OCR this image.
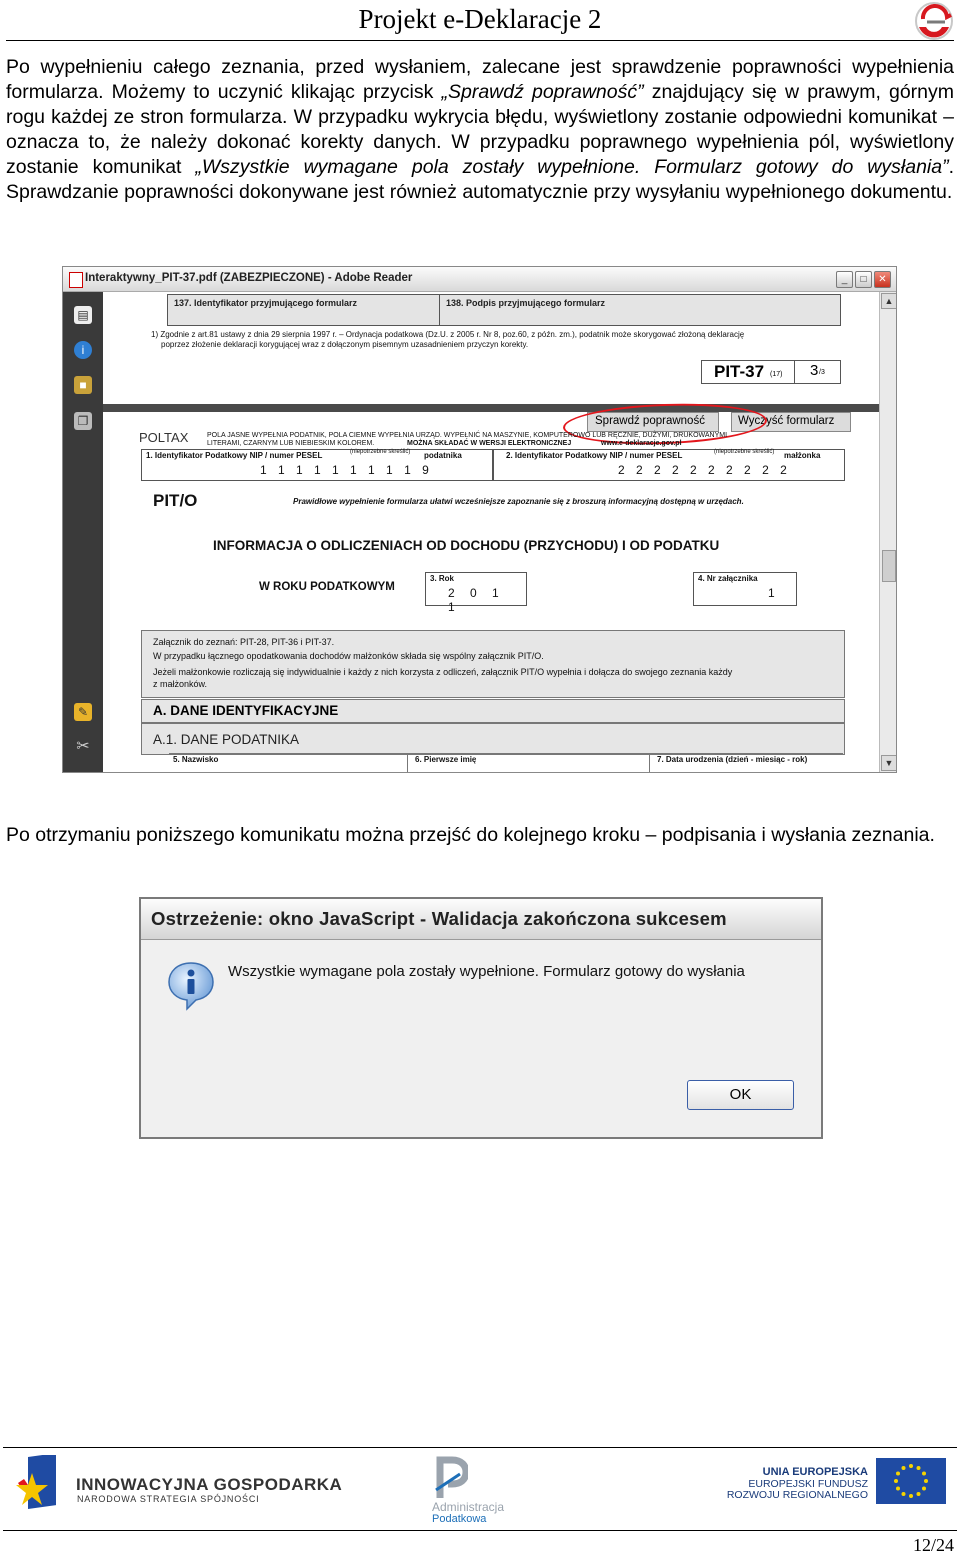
Projekt e-Deklaracje 2
Po wypełnieniu całego zeznania, przed wysłaniem, zalecane jest sprawdzenie poprawności wypełnienia formularza. Możemy to uczynić klikając przycisk „Sprawdź poprawność” znajdujący się w prawym, górnym rogu każdej ze stron formularza. W przypadku wykrycia błędu, wyświetlony zostanie odpowiedni komunikat – oznacza to, że należy dokonać korekty danych. W przypadku poprawnego wypełnienia pól, wyświetlony zostanie komunikat „Wszystkie wymagane pola zostały wypełnione. Formularz gotowy do wysłania”. Sprawdzanie poprawności dokonywane jest również automatycznie przy wysyłaniu wypełnionego dokumentu.
Interaktywny_PIT-37.pdf (ZABEZPIECZONE) - Adobe Reader	_	□	✕
▤
i
■
❐
✎
✂
137. Identyfikator przyjmującego formularz	138. Podpis przyjmującego formularz
1) Zgodnie z art.81 ustawy z dnia 29 sierpnia 1997 r. – Ordynacja podatkowa (Dz.U. z 2005 r. Nr 8, poz.60, z późn. zm.), podatnik może skorygować złożoną deklarację
poprzez złożenie deklaracji korygującej wraz z dołączonym pisemnym uzasadnieniem przyczyn korekty.
PIT-37 (17) 3 /3
Sprawdź poprawność	Wyczyść formularz
POLTAX	POLA JASNE WYPEŁNIA PODATNIK, POLA CIEMNE WYPEŁNIA URZĄD. WYPEŁNIĆ NA MASZYNIE, KOMPUTEROWO LUB RĘCZNIE, DUŻYMI, DRUKOWANYMI
LITERAMI, CZARNYM LUB NIEBIESKIM KOLOREM.	MOŻNA SKŁADAĆ W WERSJI ELEKTRONICZNEJ	www.e-deklaracje.gov.pl
1. Identyfikator Podatkowy NIP / numer PESEL	(niepotrzebne skreślić) podatnika
1 1 1 1 1 1 1 1 1 9
2. Identyfikator Podatkowy NIP / numer PESEL	(niepotrzebne skreślić) małżonka
2 2 2 2 2 2 2 2 2 2
PIT/O	Prawidłowe wypełnienie formularza ułatwi wcześniejsze zapoznanie się z broszurą informacyjną dostępną w urzędach.
INFORMACJA O ODLICZENIACH OD DOCHODU (PRZYCHODU) I OD PODATKU
W ROKU PODATKOWYM
3. Rok
2 0 1 1
4. Nr załącznika
1
Załącznik do zeznań: PIT-28, PIT-36 i PIT-37.
W przypadku łącznego opodatkowania dochodów małżonków składa się wspólny załącznik PIT/O.
Jeżeli małżonkowie rozliczają się indywidualnie i każdy z nich korzysta z odliczeń, załącznik PIT/O wypełnia i dołącza do swojego zeznania każdy
z małżonków.
A. DANE IDENTYFIKACYJNE
A.1. DANE PODATNIKA
5. Nazwisko	6. Pierwsze imię	7. Data urodzenia (dzień - miesiąc - rok)
▲
▼
Po otrzymaniu poniższego komunikatu można przejść do kolejnego kroku – podpisania i wysłania zeznania.
Ostrzeżenie: okno JavaScript - Walidacja zakończona sukcesem
Wszystkie wymagane pola zostały wypełnione. Formularz gotowy do wysłania
OK
INNOWACYJNA GOSPODARKA
NARODOWA STRATEGIA SPÓJNOŚCI
Administracja
Podatkowa
UNIA EUROPEJSKA
EUROPEJSKI FUNDUSZ
ROZWOJU REGIONALNEGO
12/24
